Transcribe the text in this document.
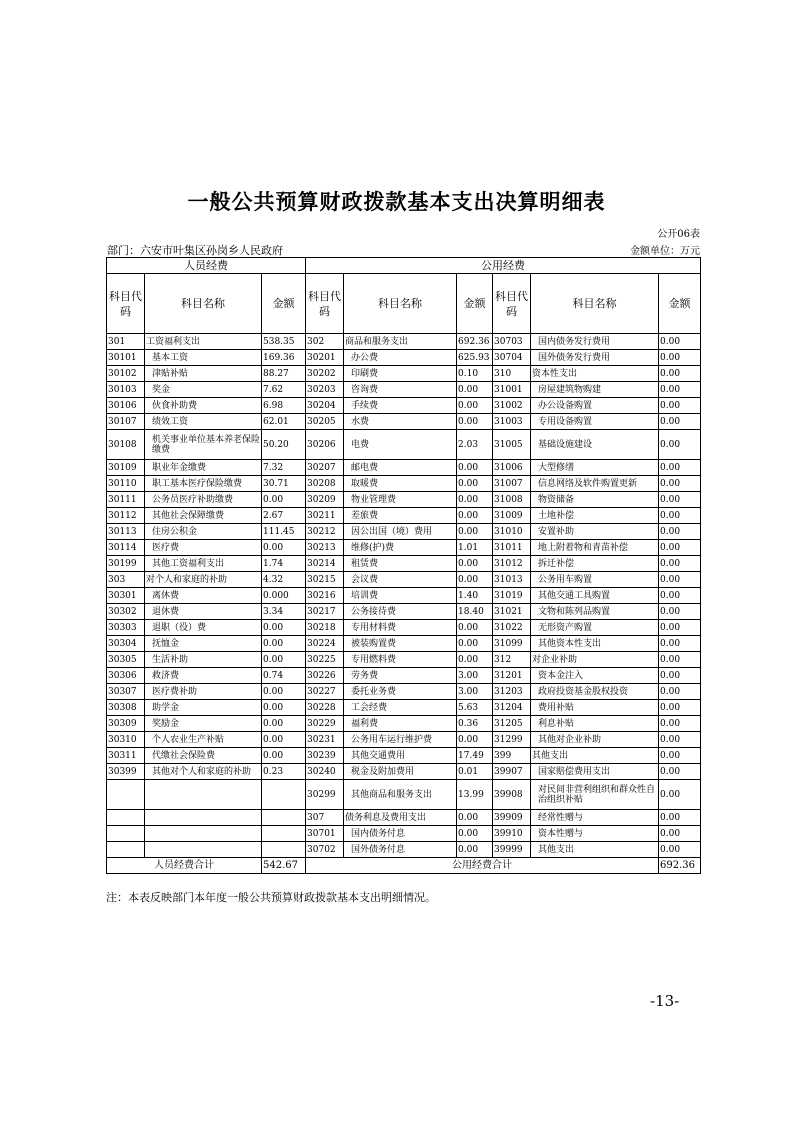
一般公共预算财政拨款基本支出决算明细表
公开06表
部门：六安市叶集区孙岗乡人民政府	金额单位：万元
人员经费			公用经费					
科目代码	科目名称	金额	科目代码	科目名称	金额	科目代码	科目名称	金额
301	工资福利支出	538.35	302	商品和服务支出	692.36	30703	国内债务发行费用	0.00
30101	基本工资	169.36	30201	办公费	625.93	30704	国外债务发行费用	0.00
30102	津贴补贴	88.27	30202	印刷费	0.10	310	资本性支出	0.00
30103	奖金	7.62	30203	咨询费	0.00	31001	房屋建筑物购建	0.00
30106	伙食补助费	6.98	30204	手续费	0.00	31002	办公设备购置	0.00
30107	绩效工资	62.01	30205	水费	0.00	31003	专用设备购置	0.00
30108	机关事业单位基本养老保险缴费	50.20	30206	电费	2.03	31005	基础设施建设	0.00
30109	职业年金缴费	7.32	30207	邮电费	0.00	31006	大型修缮	0.00
30110	职工基本医疗保险缴费	30.71	30208	取暖费	0.00	31007	信息网络及软件购置更新	0.00
30111	公务员医疗补助缴费	0.00	30209	物业管理费	0.00	31008	物资储备	0.00
30112	其他社会保障缴费	2.67	30211	差旅费	0.00	31009	土地补偿	0.00
30113	住房公积金	111.45	30212	因公出国（境）费用	0.00	31010	安置补助	0.00
30114	医疗费	0.00	30213	维修(护)费	1.01	31011	地上附着物和青苗补偿	0.00
30199	其他工资福利支出	1.74	30214	租赁费	0.00	31012	拆迁补偿	0.00
303	对个人和家庭的补助	4.32	30215	会议费	0.00	31013	公务用车购置	0.00
30301	离休费	0.000	30216	培训费	1.40	31019	其他交通工具购置	0.00
30302	退休费	3.34	30217	公务接待费	18.40	31021	文物和陈列品购置	0.00
30303	退职（役）费	0.00	30218	专用材料费	0.00	31022	无形资产购置	0.00
30304	抚恤金	0.00	30224	被装购置费	0.00	31099	其他资本性支出	0.00
30305	生活补助	0.00	30225	专用燃料费	0.00	312	对企业补助	0.00
30306	救济费	0.74	30226	劳务费	3.00	31201	资本金注入	0.00
30307	医疗费补助	0.00	30227	委托业务费	3.00	31203	政府投资基金股权投资	0.00
30308	助学金	0.00	30228	工会经费	5.63	31204	费用补贴	0.00
30309	奖励金	0.00	30229	福利费	0.36	31205	利息补贴	0.00
30310	个人农业生产补贴	0.00	30231	公务用车运行维护费	0.00	31299	其他对企业补助	0.00
30311	代缴社会保险费	0.00	30239	其他交通费用	17.49	399	其他支出	0.00
30399	其他对个人和家庭的补助	0.23	30240	税金及附加费用	0.01	39907	国家赔偿费用支出	0.00
			30299	其他商品和服务支出	13.99	39908	对民间非营利组织和群众性自治组织补贴	0.00
			307	债务利息及费用支出	0.00	39909	经常性赠与	0.00
			30701	国内债务付息	0.00	39910	资本性赠与	0.00
			30702	国外债务付息	0.00	39999	其他支出	0.00
人员经费合计		542.67	公用经费合计					692.36
注：本表反映部门本年度一般公共预算财政拨款基本支出明细情况。
-13-
